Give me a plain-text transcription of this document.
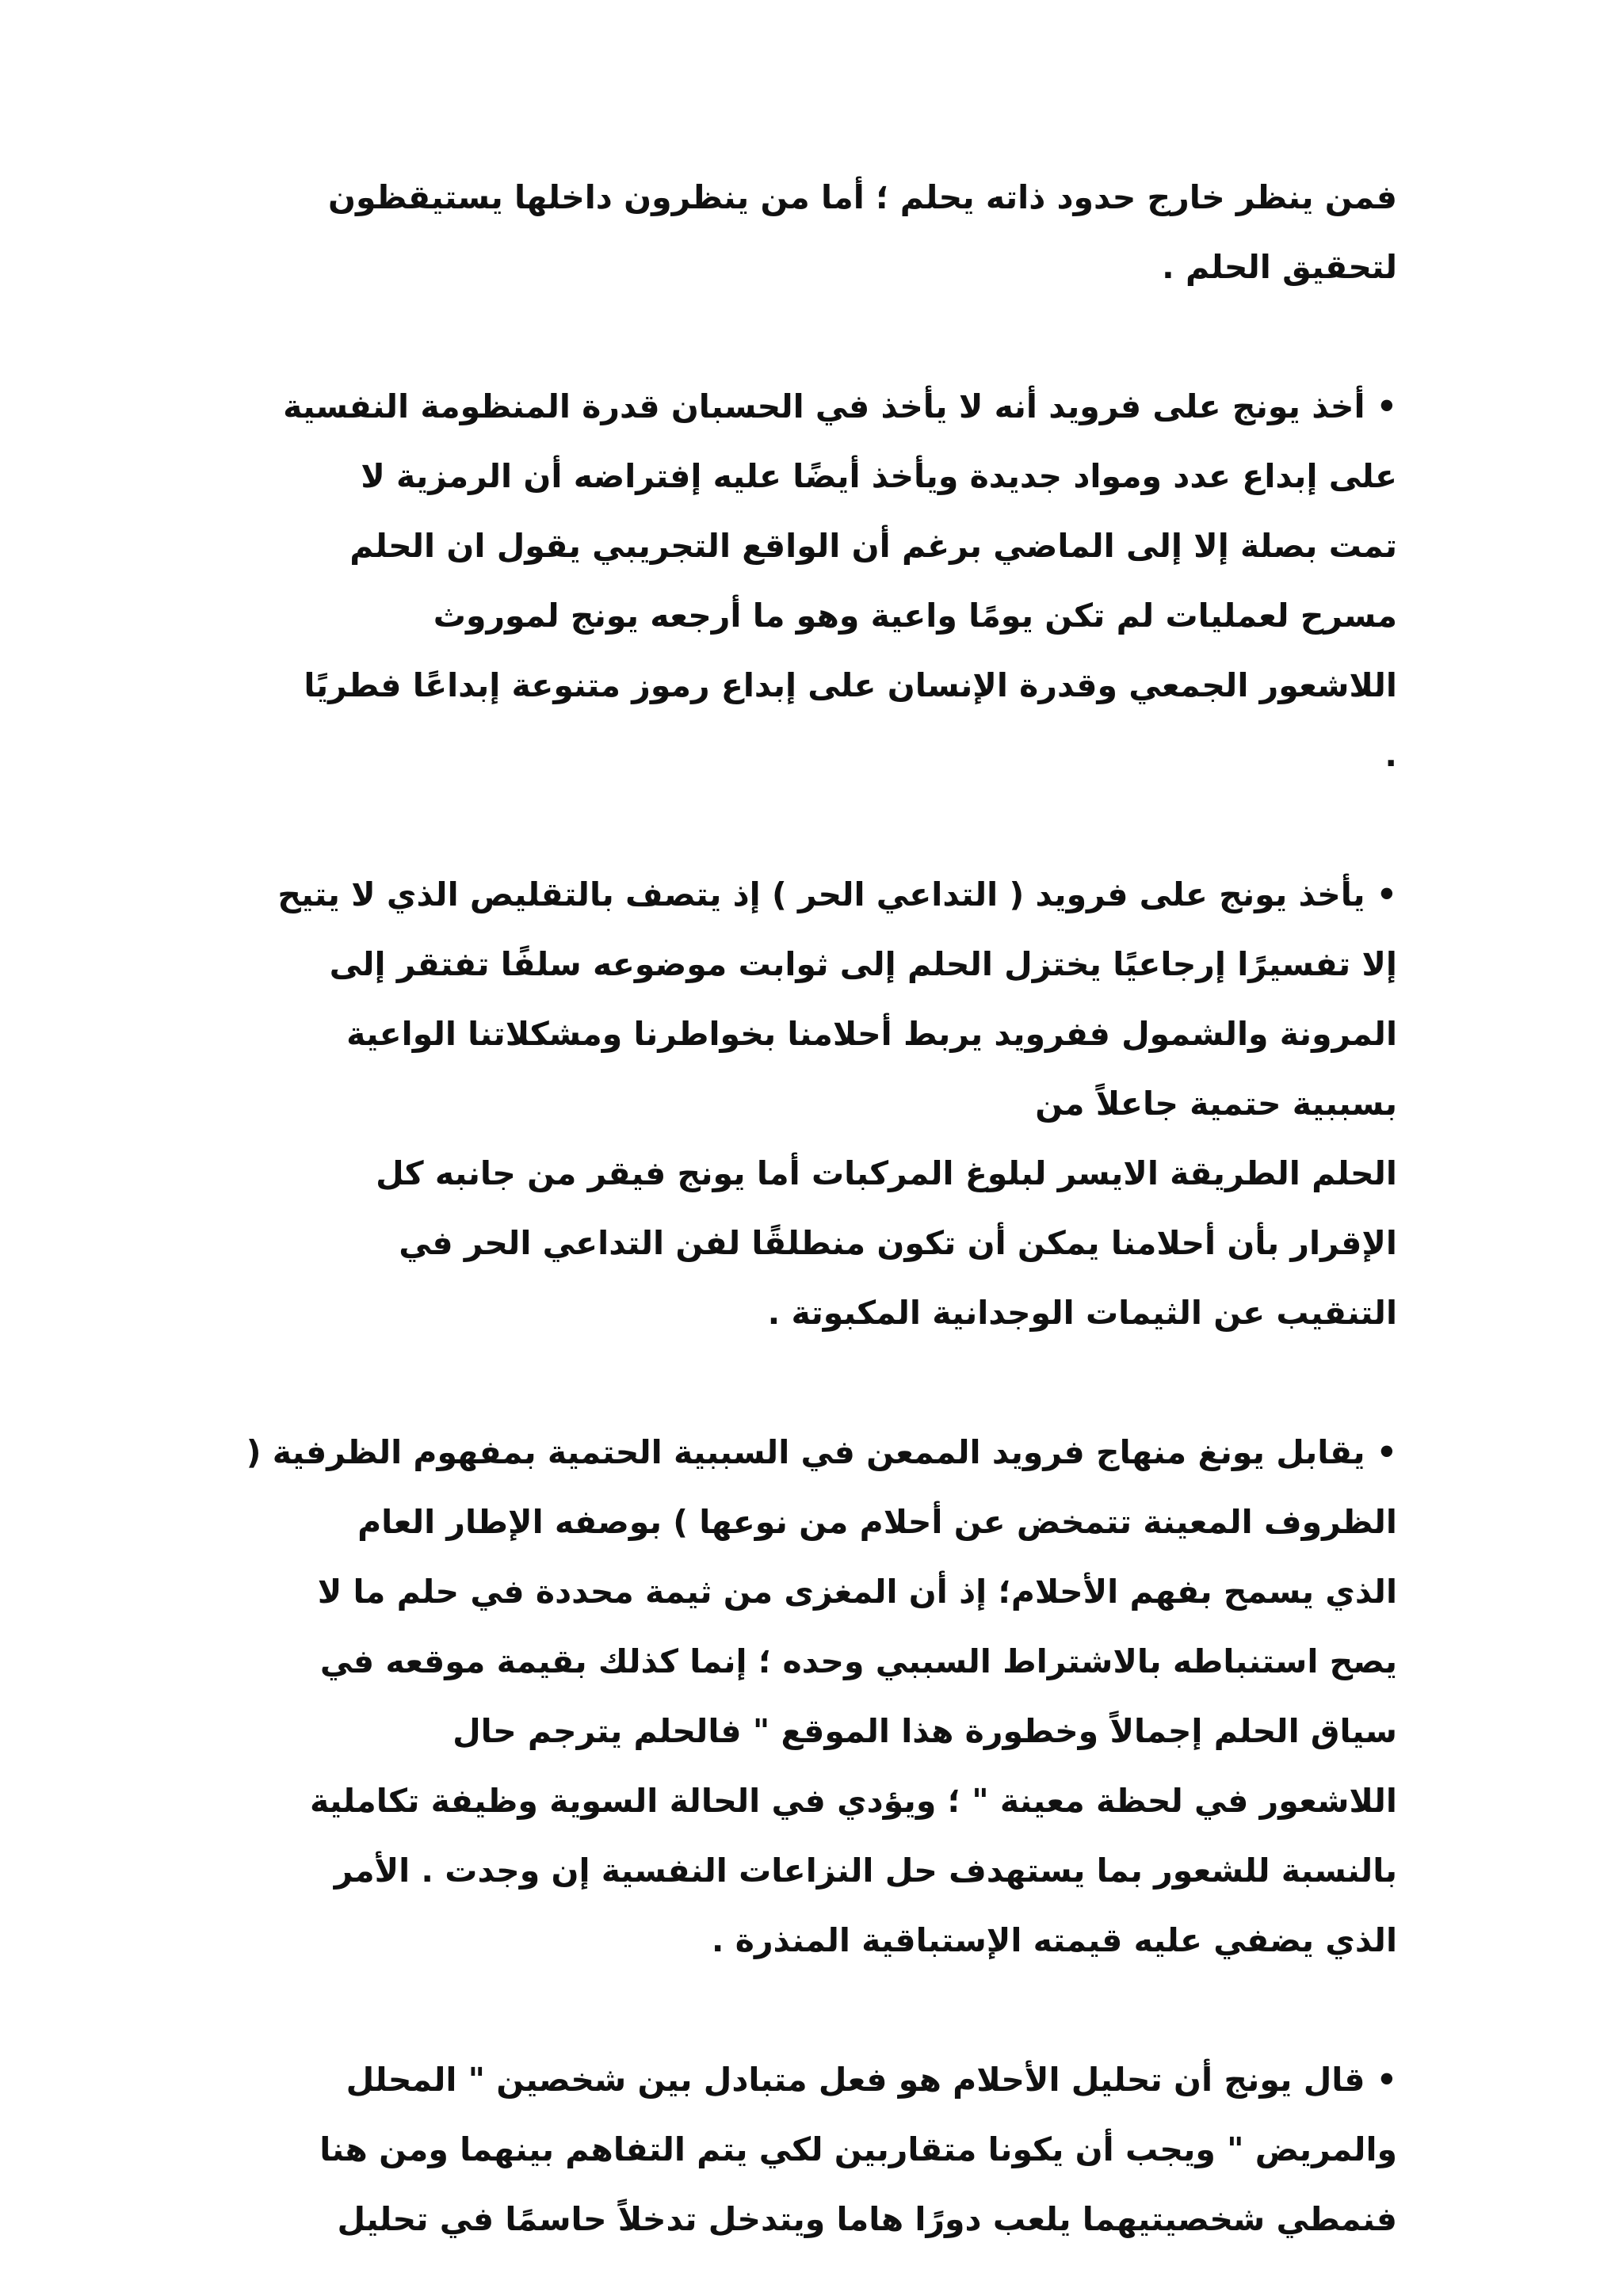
فمن ينظر خارج حدود ذاته يحلم ؛ أما من ينظرون داخلها يستيقظون
لتحقيق الحلم .
• أخذ يونج على فرويد أنه لا يأخذ في الحسبان قدرة المنظومة النفسية
على إبداع عدد ومواد جديدة ويأخذ أيضًا عليه إفتراضه أن الرمزية لا
تمت بصلة إلا إلى الماضي برغم أن الواقع التجريبي يقول ان الحلم
مسرح لعمليات لم تكن يومًا واعية وهو ما أرجعه يونج لموروث
اللاشعور الجمعي وقدرة الإنسان على إبداع رموز متنوعة إبداعًا فطريًا
.
• يأخذ يونج على فرويد ( التداعي الحر ) إذ يتصف بالتقليص الذي لا يتيح
إلا تفسيرًا إرجاعيًا يختزل الحلم إلى ثوابت موضوعه سلفًا تفتقر إلى
المرونة والشمول ففرويد يربط أحلامنا بخواطرنا ومشكلاتنا الواعية
بسببية حتمية جاعلاً من
الحلم الطريقة الايسر لبلوغ المركبات أما يونج فيقر من جانبه كل
الإقرار بأن أحلامنا يمكن أن تكون منطلقًا لفن التداعي الحر في
التنقيب عن الثيمات الوجدانية المكبوتة .
• يقابل يونغ منهاج فرويد الممعن في السببية الحتمية بمفهوم الظرفية (
الظروف المعينة تتمخض عن أحلام من نوعها ) بوصفه الإطار العام
الذي يسمح بفهم الأحلام؛ إذ أن المغزى من ثيمة محددة في حلم ما لا
يصح استنباطه بالاشتراط السببي وحده ؛ إنما كذلك بقيمة موقعه في
سياق الحلم إجمالاً وخطورة هذا الموقع " فالحلم يترجم حال
اللاشعور في لحظة معينة " ؛ ويؤدي في الحالة السوية وظيفة تكاملية
بالنسبة للشعور بما يستهدف حل النزاعات النفسية إن وجدت . الأمر
الذي يضفي عليه قيمته الإستباقية المنذرة .
• قال يونج أن تحليل الأحلام هو فعل متبادل بين شخصين " المحلل
والمريض " ويجب أن يكونا متقاربين لكي يتم التفاهم بينهما ومن هنا
فنمطي شخصيتيهما يلعب دورًا هاما ويتدخل تدخلاً حاسمًا في تحليل
